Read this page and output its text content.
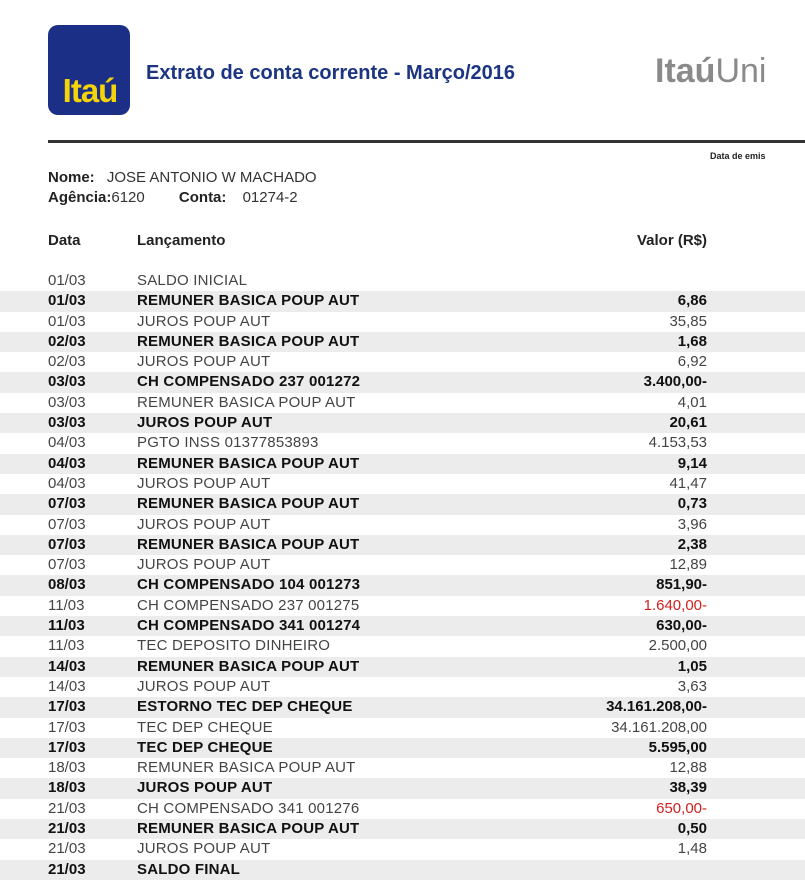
Itaú	Extrato de conta corrente - Março/2016	ItaúUni
Data de emis
Nome: JOSE ANTONIO W MACHADO
Agência:6120 Conta: 01274-2
Data	Lançamento	Valor (R$)
01/03	SALDO INICIAL
01/03	REMUNER BASICA POUP AUT	6,86
01/03	JUROS POUP AUT	35,85
02/03	REMUNER BASICA POUP AUT	1,68
02/03	JUROS POUP AUT	6,92
03/03	CH COMPENSADO 237 001272	3.400,00-
03/03	REMUNER BASICA POUP AUT	4,01
03/03	JUROS POUP AUT	20,61
04/03	PGTO INSS 01377853893	4.153,53
04/03	REMUNER BASICA POUP AUT	9,14
04/03	JUROS POUP AUT	41,47
07/03	REMUNER BASICA POUP AUT	0,73
07/03	JUROS POUP AUT	3,96
07/03	REMUNER BASICA POUP AUT	2,38
07/03	JUROS POUP AUT	12,89
08/03	CH COMPENSADO 104 001273	851,90-
11/03	CH COMPENSADO 237 001275	1.640,00-
11/03	CH COMPENSADO 341 001274	630,00-
11/03	TEC DEPOSITO DINHEIRO	2.500,00
14/03	REMUNER BASICA POUP AUT	1,05
14/03	JUROS POUP AUT	3,63
17/03	ESTORNO TEC DEP CHEQUE	34.161.208,00-
17/03	TEC DEP CHEQUE	34.161.208,00
17/03	TEC DEP CHEQUE	5.595,00
18/03	REMUNER BASICA POUP AUT	12,88
18/03	JUROS POUP AUT	38,39
21/03	CH COMPENSADO 341 001276	650,00-
21/03	REMUNER BASICA POUP AUT	0,50
21/03	JUROS POUP AUT	1,48
21/03	SALDO FINAL
